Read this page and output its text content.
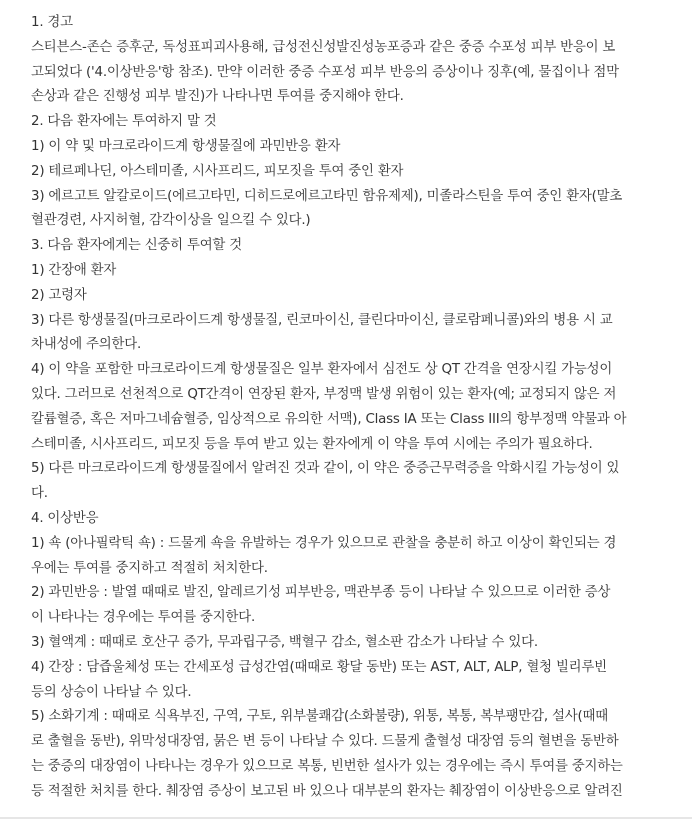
1. 경고
스티븐스-존슨 증후군, 독성표피괴사용해, 급성전신성발진성농포증과 같은 중증 수포성 피부 반응이 보
고되었다 ('4.이상반응'항 참조). 만약 이러한 중증 수포성 피부 반응의 증상이나 징후(예, 물집이나 점막
손상과 같은 진행성 피부 발진)가 나타나면 투여를 중지해야 한다.
2. 다음 환자에는 투여하지 말 것
1) 이 약 및 마크로라이드계 항생물질에 과민반응 환자
2) 테르페나딘, 아스테미졸, 시사프리드, 피모짓을 투여 중인 환자
3) 에르고트 알칼로이드(에르고타민, 디히드로에르고타민 함유제제), 미졸라스틴을 투여 중인 환자(말초
혈관경련, 사지허혈, 감각이상을 일으킬 수 있다.)
3. 다음 환자에게는 신중히 투여할 것
1) 간장애 환자
2) 고령자
3) 다른 항생물질(마크로라이드계 항생물질, 린코마이신, 클린다마이신, 클로람페니콜)와의 병용 시 교
차내성에 주의한다.
4) 이 약을 포함한 마크로라이드계 항생물질은 일부 환자에서 심전도 상 QT 간격을 연장시킬 가능성이
있다. 그러므로 선천적으로 QT간격이 연장된 환자, 부정맥 발생 위험이 있는 환자(예; 교정되지 않은 저
칼륨혈증, 혹은 저마그네슘혈증, 임상적으로 유의한 서맥), Class IA 또는 Class III의 항부정맥 약물과 아
스테미졸, 시사프리드, 피모짓 등을 투여 받고 있는 환자에게 이 약을 투여 시에는 주의가 필요하다.
5) 다른 마크로라이드계 항생물질에서 알려진 것과 같이, 이 약은 중증근무력증을 악화시킬 가능성이 있
다.
4. 이상반응
1) 쇽 (아나필락틱 쇽) : 드물게 쇽을 유발하는 경우가 있으므로 관찰을 충분히 하고 이상이 확인되는 경
우에는 투여를 중지하고 적절히 처치한다.
2) 과민반응 : 발열 때때로 발진, 알레르기성 피부반응, 맥관부종 등이 나타날 수 있으므로 이러한 증상
이 나타나는 경우에는 투여를 중지한다.
3) 혈액계 : 때때로 호산구 증가, 무과립구증, 백혈구 감소, 혈소판 감소가 나타날 수 있다.
4) 간장 : 담즙울체성 또는 간세포성 급성간염(때때로 황달 동반) 또는 AST, ALT, ALP, 혈청 빌리루빈
등의 상승이 나타날 수 있다.
5) 소화기계 : 때때로 식욕부진, 구역, 구토, 위부불쾌감(소화불량), 위통, 복통, 복부팽만감, 설사(때때
로 출혈을 동반), 위막성대장염, 묽은 변 등이 나타날 수 있다. 드물게 출혈성 대장염 등의 혈변을 동반하
는 중증의 대장염이 나타나는 경우가 있으므로 복통, 빈번한 설사가 있는 경우에는 즉시 투여를 중지하는
등 적절한 처치를 한다. 췌장염 증상이 보고된 바 있으나 대부분의 환자는 췌장염이 이상반응으로 알려진
